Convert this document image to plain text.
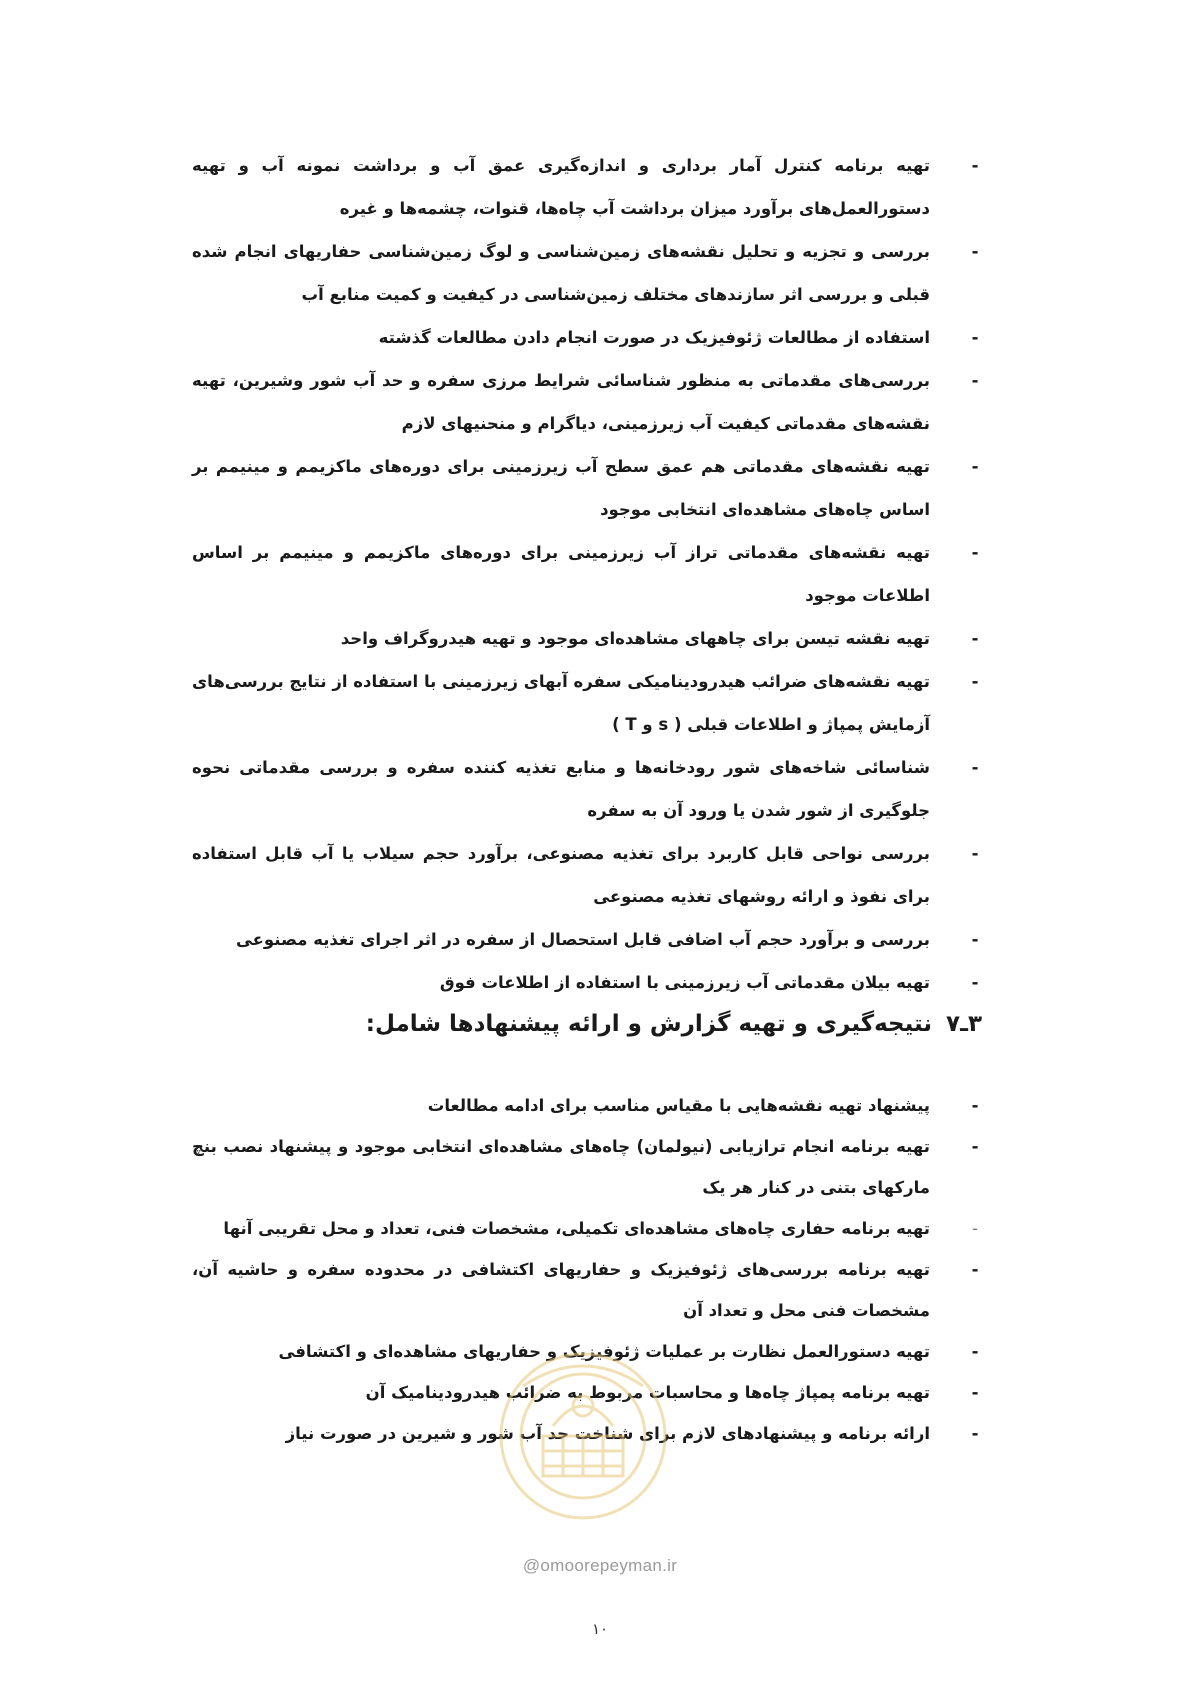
-
تهیه برنامه کنترل آمار برداری و اندازه‌گیری عمق آب و برداشت نمونه آب و تهیه دستورالعمل‌های برآورد میزان برداشت آب چاه‌ها، قنوات، چشمه‌ها و غیره
-
بررسی و تجزیه و تحلیل نقشه‌های زمین‌شناسی و لوگ زمین‌شناسی حفاریهای انجام شده قبلی و بررسی اثر سازندهای مختلف زمین‌شناسی در کیفیت و کمیت منابع آب
-
استفاده از مطالعات ژئوفیزیک در صورت انجام دادن مطالعات گذشته
-
بررسی‌های مقدماتی به منظور شناسائی شرایط مرزی سفره و حد آب شور وشیرین، تهیه نقشه‌های مقدماتی کیفیت آب زیرزمینی، دیاگرام و منحنیهای لازم
-
تهیه نقشه‌های مقدماتی هم عمق سطح آب زیرزمینی برای دوره‌های ماکزیمم و مینیمم بر اساس چاه‌های مشاهده‌ای انتخابی موجود
-
تهیه نقشه‌های مقدماتی تراز آب زیرزمینی برای دوره‌های ماکزیمم و مینیمم بر اساس اطلاعات موجود
-
تهیه نقشه تیسن برای چاههای مشاهده‌ای موجود و تهیه هیدروگراف واحد
-
تهیه نقشه‌های ضرائب هیدرودینامیکی سفره آبهای زیرزمینی با استفاده از نتایج بررسی‌های آزمایش پمپاژ و اطلاعات قبلی ( s و T )
-
شناسائی شاخه‌های شور رودخانه‌ها و منابع تغذیه کننده سفره و بررسی مقدماتی نحوه جلوگیری از شور شدن یا ورود آن به سفره
-
بررسی نواحی قابل کاربرد برای تغذیه مصنوعی، برآورد حجم سیلاب یا آب قابل استفاده برای نفوذ و ارائه روشهای تغذیه مصنوعی
-
بررسی و برآورد حجم آب اضافی قابل استحصال از سفره در اثر اجرای تغذیه مصنوعی
-
تهیه بیلان مقدماتی آب زیرزمینی با استفاده از اطلاعات فوق
۳ـ۷نتیجه‌گیری و تهیه گزارش و ارائه پیشنهادها شامل:
-
پیشنهاد تهیه نقشه‌هایی با مقیاس مناسب برای ادامه مطالعات
-
تهیه برنامه انجام ترازیابی (نیولمان) چاه‌های مشاهده‌ای انتخابی موجود و پیشنهاد نصب بنچ مارکهای بتنی در کنار هر یک
-
تهیه برنامه حفاری چاه‌های مشاهده‌ای تکمیلی، مشخصات فنی، تعداد و محل تقریبی آنها
-
تهیه برنامه بررسی‌های ژئوفیزیک و حفاریهای اکتشافی در محدوده سفره و حاشیه آن، مشخصات فنی محل و تعداد آن
-
تهیه دستورالعمل نظارت بر عملیات ژئوفیزیک و حفاریهای مشاهده‌ای و اکتشافی
-
تهیه برنامه پمپاژ چاه‌ها و محاسبات مربوط به ضرائب هیدرودینامیک آن
-
ارائه برنامه و پیشنهادهای لازم برای شناخت حد آب شور و شیرین در صورت نیاز
@omoorepeyman.ir
۱۰
